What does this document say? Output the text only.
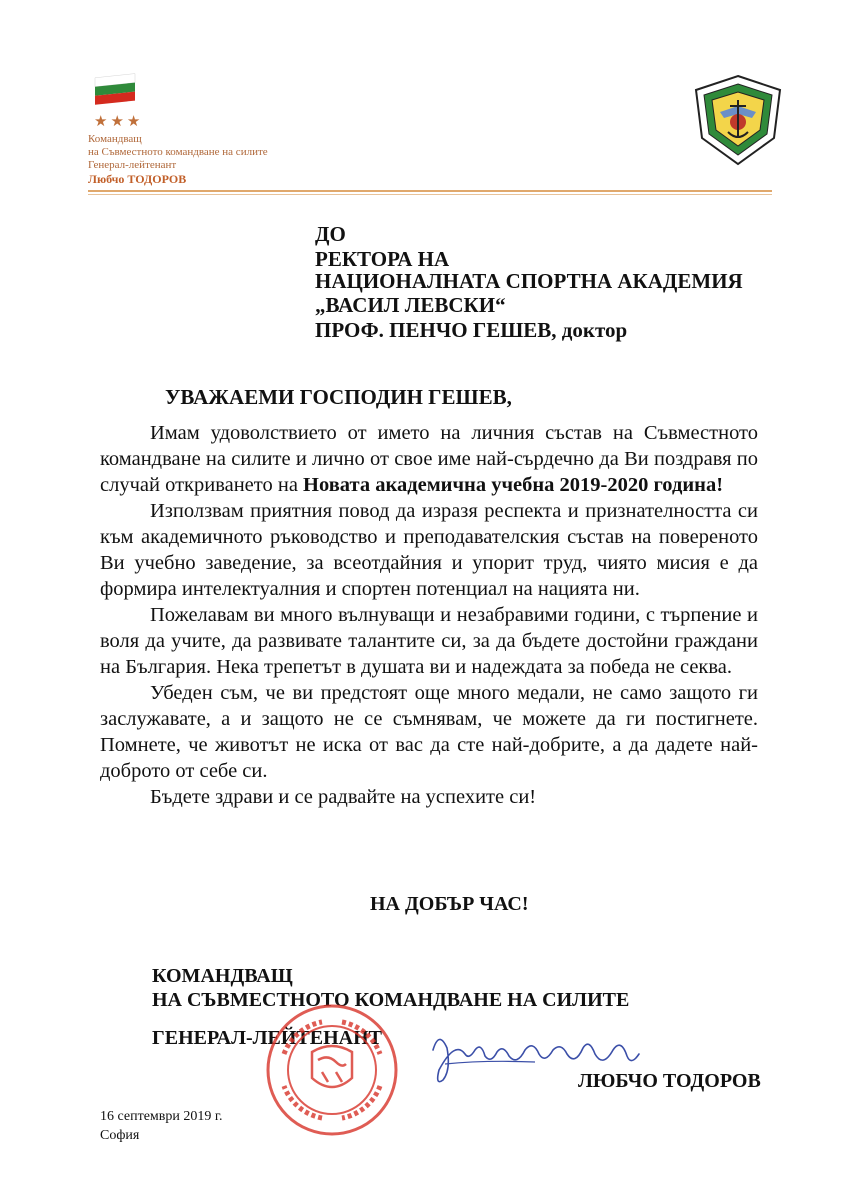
★★★
Командващ
на Съвместното командване на силите
Генерал-лейтенант
Любчо ТОДОРОВ
ДО
РЕКТОРА НА
НАЦИОНАЛНАТА СПОРТНА АКАДЕМИЯ
„ВАСИЛ ЛЕВСКИ“
ПРОФ. ПЕНЧО ГЕШЕВ, доктор
УВАЖАЕМИ ГОСПОДИН ГЕШЕВ,

Имам удоволствието от името на личния състав на Съвместното командване на силите и лично от свое име най-сърдечно да Ви поздравя по случай откриването на Новата академична учебна 2019-2020 година!

Използвам приятния повод да изразя респекта и признателността си към академичното ръководство и преподавателския състав на повереното Ви учебно заведение, за всеотдайния и упорит труд, чиято мисия е да формира интелектуалния и спортен потенциал на нацията ни.

Пожелавам ви много вълнуващи и незабравими години, с търпение и воля да учите, да развивате талантите си, за да бъдете достойни граждани на България. Нека трепетът в душата ви и надеждата за победа не секва.

Убеден съм, че ви предстоят още много медали, не само защото ги заслужавате, а и защото не се съмнявам, че можете да ги постигнете. Помнете, че животът не иска от вас да сте най-добрите, а да дадете най-доброто от себе си.

Бъдете здрави и се радвайте на успехите си!

НА ДОБЪР ЧАС!
КОМАНДВАЩ
НА СЪВМЕСТНОТО КОМАНДВАНЕ НА СИЛИТЕ
ГЕНЕРАЛ-ЛЕЙТЕНАНТ
ЛЮБЧО ТОДОРОВ
16 септември 2019 г.
София
